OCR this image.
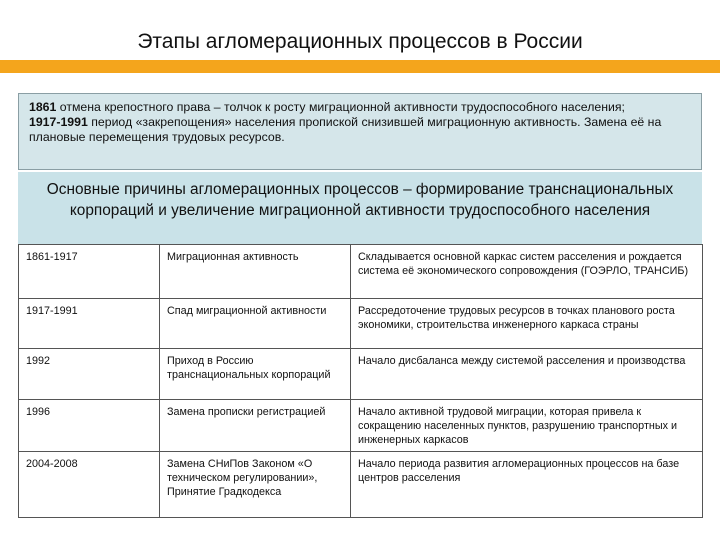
Этапы агломерационных процессов в России
1861 отмена крепостного права – толчок к росту миграционной активности трудоспособного населения;
1917-1991 период «закрепощения» населения пропиской снизившей миграционную активность. Замена её на плановые перемещения трудовых ресурсов.
Основные причины агломерационных процессов – формирование транснациональных корпораций и увеличение миграционной активности трудоспособного населения
1861-1917	Миграционная активность	Складывается основной каркас систем расселения и рождается система её экономического сопровождения (ГОЭРЛО, ТРАНСИБ)
1917-1991	Спад миграционной активности	Рассредоточение трудовых ресурсов в точках планового роста экономики, строительства инженерного каркаса страны
1992	Приход в Россию транснациональных корпораций	Начало дисбаланса между системой расселения и производства
1996	Замена прописки регистрацией	Начало активной трудовой миграции, которая привела к сокращению населенных пунктов, разрушению транспортных и инженерных каркасов
2004-2008	Замена СНиПов Законом «О техническом регулировании», Принятие Градкодекса	Начало периода развития агломерационных процессов на базе центров расселения
